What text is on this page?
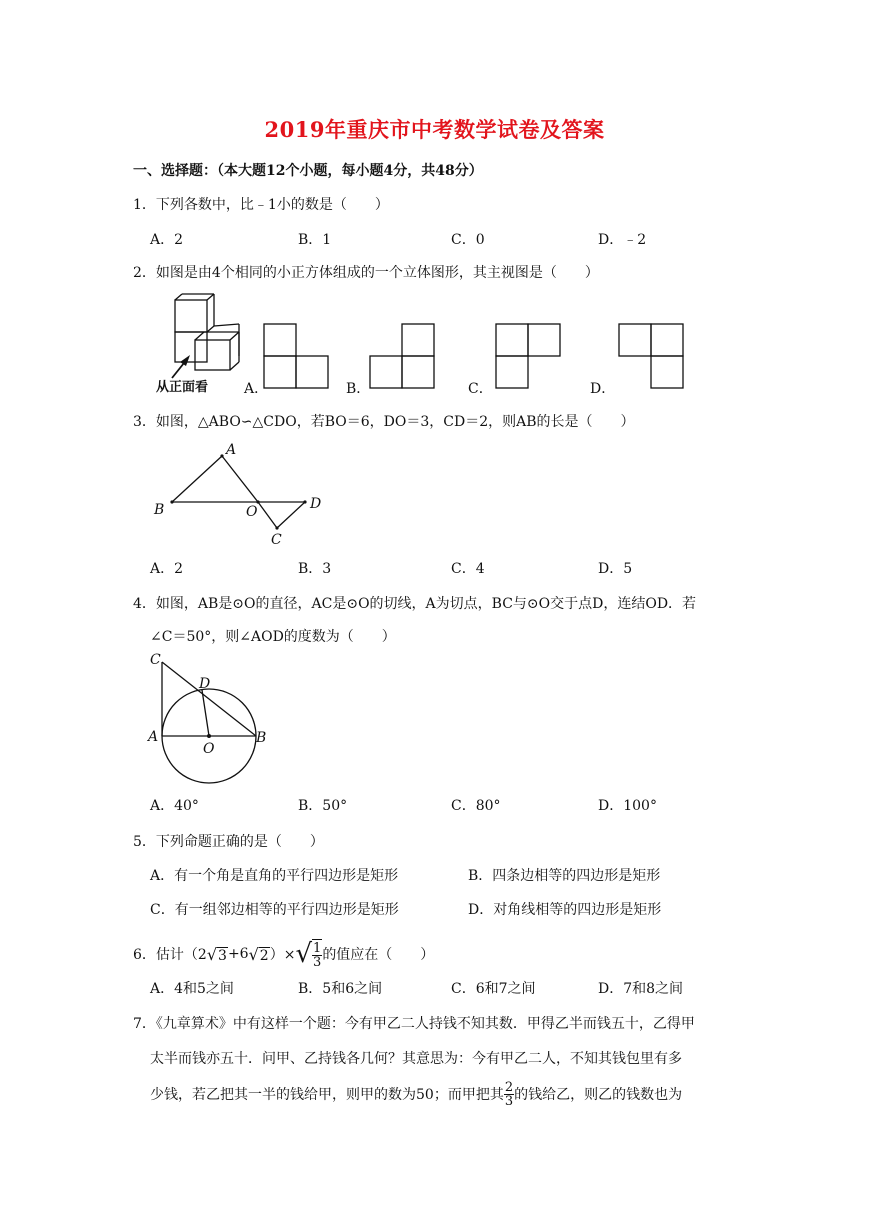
2019年重庆市中考数学试卷及答案
一、选择题：（本大题12个小题，每小题4分，共48分）
1．下列各数中，比﹣1小的数是（　　）
A．2	B．1	C．0	D．﹣2
2．如图是由4个相同的小正方体组成的一个立体图形，其主视图是（　　）
从正面看	A．	B．	C．	D．
3．如图，△ABO∽△CDO，若BO＝6，DO＝3，CD＝2，则AB的长是（　　）
A
B	O	D
C
A．2	B．3	C．4	D．5
4．如图，AB是⊙O的直径，AC是⊙O的切线，A为切点，BC与⊙O交于点D，连结OD．若
∠C＝50°，则∠AOD的度数为（　　）
C
D
A
O
B
A．40°	B．50°	C．80°	D．100°
5．下列命题正确的是（　　）
A．有一个角是直角的平行四边形是矩形	B．四条边相等的四边形是矩形
C．有一组邻边相等的平行四边形是矩形	D．对角线相等的四边形是矩形
6．估计（2 √ 3 +6 √ 2 ）× √ $\frac{1}{3}$ 的值应在（　　）
A．4和5之间	B．5和6之间	C．6和7之间	D．7和8之间
7．《九章算术》中有这样一个题：今有甲乙二人持钱不知其数．甲得乙半而钱五十，乙得甲
太半而钱亦五十．问甲、乙持钱各几何？其意思为：今有甲乙二人，不知其钱包里有多
少钱，若乙把其一半的钱给甲，则甲的数为50；而甲把其 $\frac{2}{3}$ 的钱给乙，则乙的钱数也为
